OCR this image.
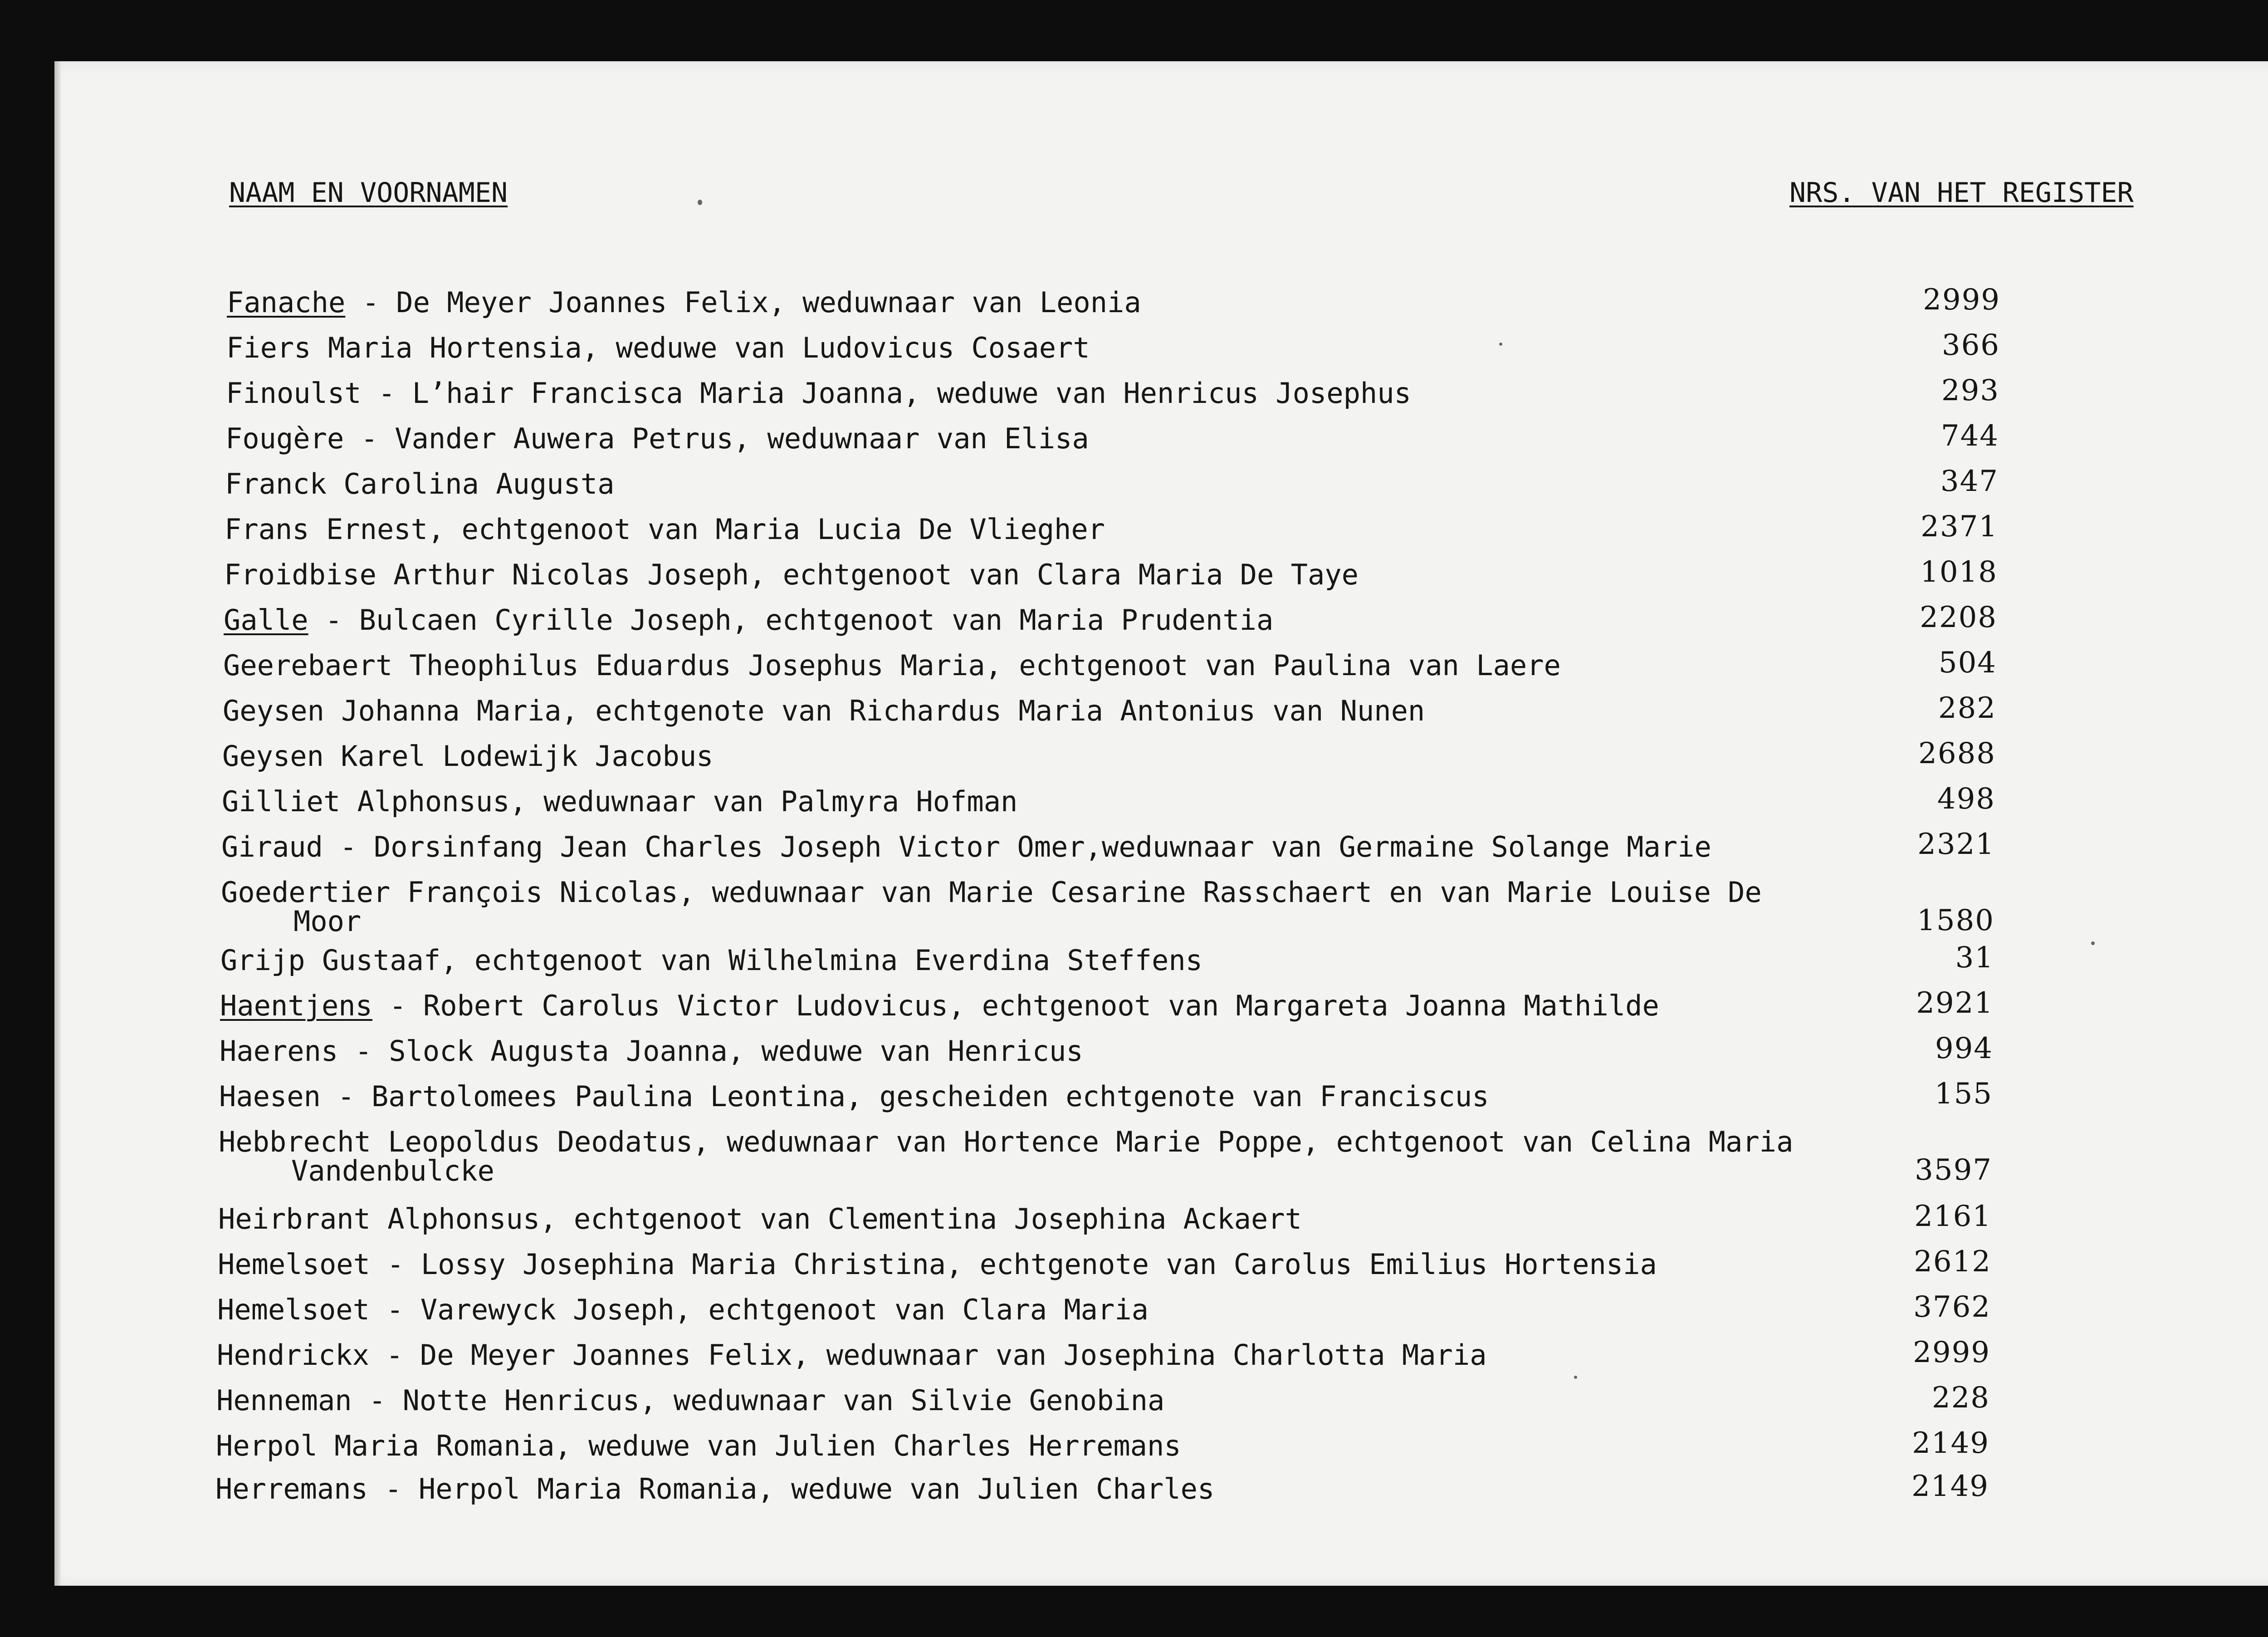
NAAM EN VOORNAMEN	NRS. VAN HET REGISTER
Fanache - De Meyer Joannes Felix, weduwnaar van Leonia	2999
Fiers Maria Hortensia, weduwe van Ludovicus Cosaert	366
Finoulst - L’hair Francisca Maria Joanna, weduwe van Henricus Josephus	293
Fougère - Vander Auwera Petrus, weduwnaar van Elisa	744
Franck Carolina Augusta	347
Frans Ernest, echtgenoot van Maria Lucia De Vliegher	2371
Froidbise Arthur Nicolas Joseph, echtgenoot van Clara Maria De Taye	1018
Galle - Bulcaen Cyrille Joseph, echtgenoot van Maria Prudentia	2208
Geerebaert Theophilus Eduardus Josephus Maria, echtgenoot van Paulina van Laere	504
Geysen Johanna Maria, echtgenote van Richardus Maria Antonius van Nunen	282
Geysen Karel Lodewijk Jacobus	2688
Gilliet Alphonsus, weduwnaar van Palmyra Hofman	498
Giraud - Dorsinfang Jean Charles Joseph Victor Omer,weduwnaar van Germaine Solange Marie	2321
Goedertier François Nicolas, weduwnaar van Marie Cesarine Rasschaert en van Marie Louise De
Moor	1580
Grijp Gustaaf, echtgenoot van Wilhelmina Everdina Steffens	31
Haentjens - Robert Carolus Victor Ludovicus, echtgenoot van Margareta Joanna Mathilde	2921
Haerens - Slock Augusta Joanna, weduwe van Henricus	994
Haesen - Bartolomees Paulina Leontina, gescheiden echtgenote van Franciscus	155
Hebbrecht Leopoldus Deodatus, weduwnaar van Hortence Marie Poppe, echtgenoot van Celina Maria
Vandenbulcke	3597
Heirbrant Alphonsus, echtgenoot van Clementina Josephina Ackaert	2161
Hemelsoet - Lossy Josephina Maria Christina, echtgenote van Carolus Emilius Hortensia	2612
Hemelsoet - Varewyck Joseph, echtgenoot van Clara Maria	3762
Hendrickx - De Meyer Joannes Felix, weduwnaar van Josephina Charlotta Maria	2999
Henneman - Notte Henricus, weduwnaar van Silvie Genobina	228
Herpol Maria Romania, weduwe van Julien Charles Herremans	2149
Herremans - Herpol Maria Romania, weduwe van Julien Charles	2149
